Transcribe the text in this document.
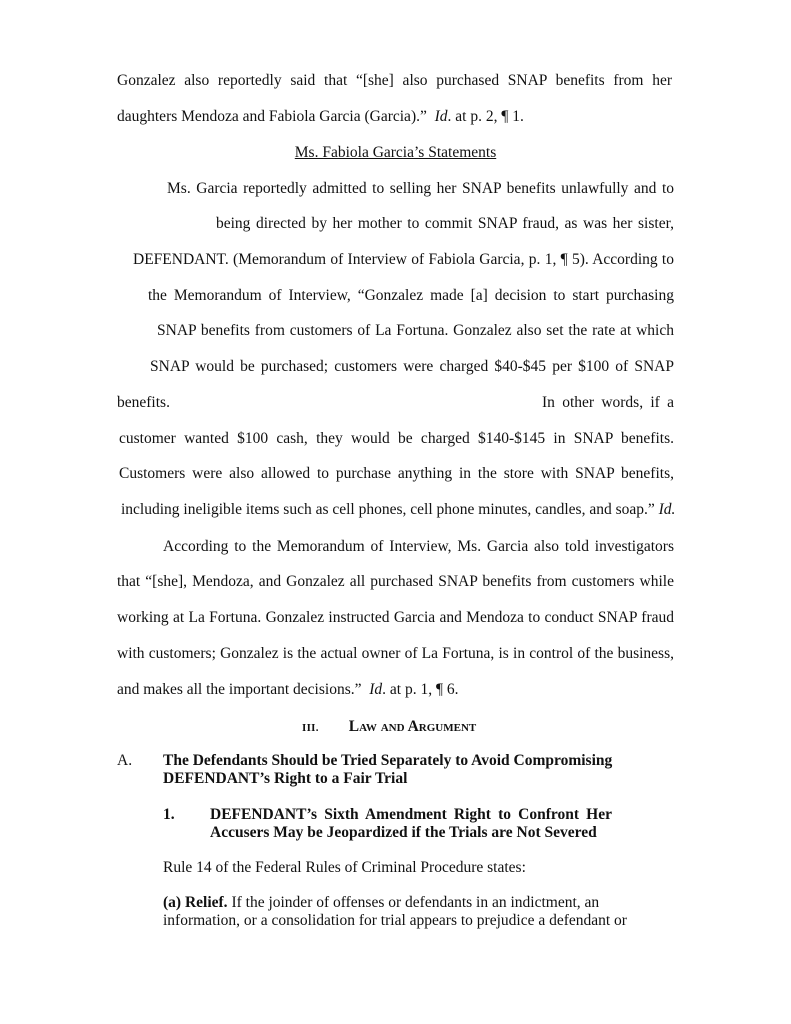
Gonzalez also reportedly said that “[she] also purchased SNAP benefits from her
daughters Mendoza and Fabiola Garcia (Garcia).” Id. at p. 2, ¶ 1.
Ms. Fabiola Garcia’s Statements
Ms. Garcia reportedly admitted to selling her SNAP benefits unlawfully and to
being directed by her mother to commit SNAP fraud, as was her sister,
DEFENDANT. (Memorandum of Interview of Fabiola Garcia, p. 1, ¶ 5). According to
the Memorandum of Interview, “Gonzalez made [a] decision to start purchasing
SNAP benefits from customers of La Fortuna. Gonzalez also set the rate at which
SNAP would be purchased; customers were charged $40-$45 per $100 of SNAP
benefits.	In other words, if a
customer wanted $100 cash, they would be charged $140-$145 in SNAP benefits.
Customers were also allowed to purchase anything in the store with SNAP benefits,
including ineligible items such as cell phones, cell phone minutes, candles, and soap.” Id.
According to the Memorandum of Interview, Ms. Garcia also told investigators
that “[she], Mendoza, and Gonzalez all purchased SNAP benefits from customers while
working at La Fortuna. Gonzalez instructed Garcia and Mendoza to conduct SNAP fraud
with customers; Gonzalez is the actual owner of La Fortuna, is in control of the business,
and makes all the important decisions.” Id. at p. 1, ¶ 6.
III. Law and Argument
A. The Defendants Should be Tried Separately to Avoid Compromising
DEFENDANT’s Right to a Fair Trial
1. DEFENDANT’s Sixth Amendment Right to Confront Her
Accusers May be Jeopardized if the Trials are Not Severed
Rule 14 of the Federal Rules of Criminal Procedure states:
(a) Relief. If the joinder of offenses or defendants in an indictment, an
information, or a consolidation for trial appears to prejudice a defendant or
